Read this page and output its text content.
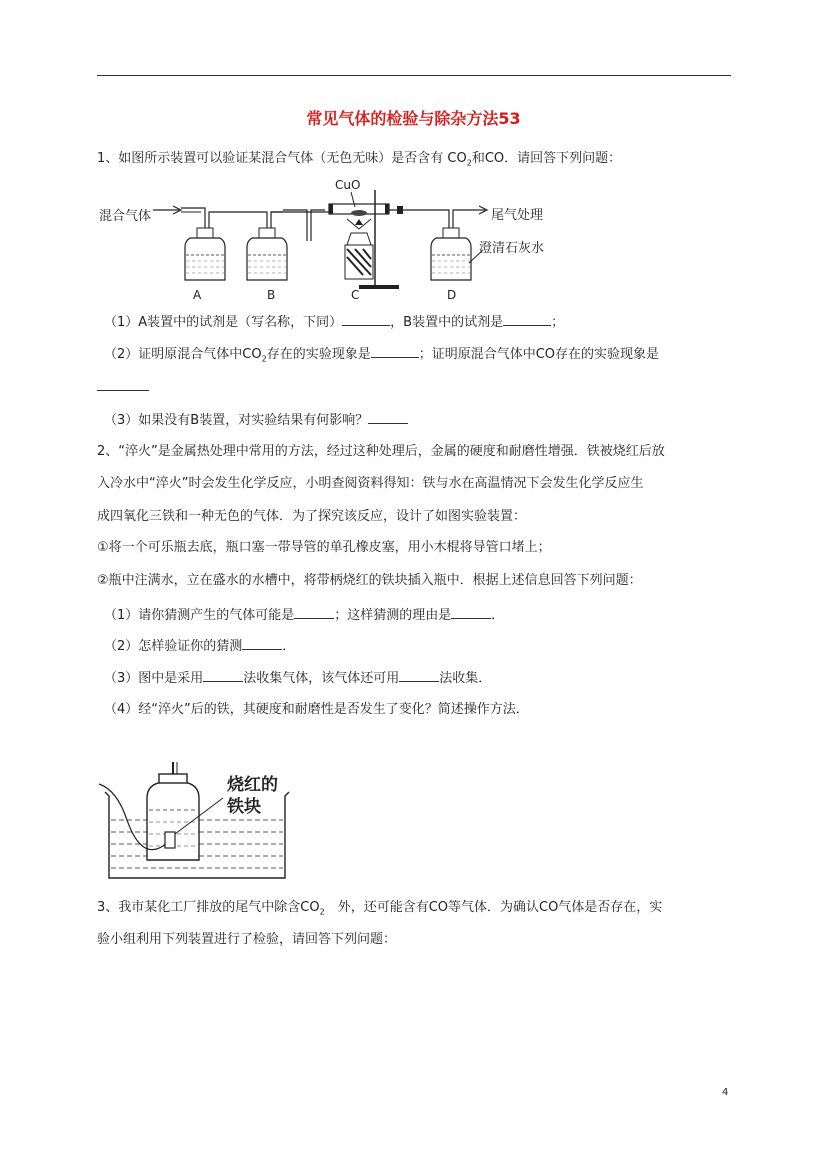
常见气体的检验与除杂方法53
1、如图所示装置可以验证某混合气体（无色无味）是否含有 $CO_2$和CO．请回答下列问题：
混合气体
CuO
尾气处理
澄清石灰水
A	B	C	D
（1）A装置中的试剂是（写名称，下同）	，B装置中的试剂是	；
（2）证明原混合气体中$CO_2$存在的实验现象是	；证明原混合气体中CO存在的实验现象是
（3）如果没有B装置，对实验结果有何影响？
2、“淬火”是金属热处理中常用的方法，经过这种处理后，金属的硬度和耐磨性增强．铁被烧红后放
入冷水中“淬火”时会发生化学反应，小明查阅资料得知：铁与水在高温情况下会发生化学反应生
成四氧化三铁和一种无色的气体．为了探究该反应，设计了如图实验装置：
①将一个可乐瓶去底，瓶口塞一带导管的单孔橡皮塞，用小木棍将导管口堵上；
②瓶中注满水，立在盛水的水槽中，将带柄烧红的铁块插入瓶中．根据上述信息回答下列问题：
（1）请你猜测产生的气体可能是	；这样猜测的理由是	．
（2）怎样验证你的猜测	．
（3）图中是采用	法收集气体，该气体还可用	法收集．
（4）经“淬火”后的铁，其硬度和耐磨性是否发生了变化？简述操作方法．
烧红的
铁块
3、我市某化工厂排放的尾气中除含$CO_2$　外，还可能含有CO等气体．为确认CO气体是否存在，实
验小组利用下列装置进行了检验，请回答下列问题：
4
